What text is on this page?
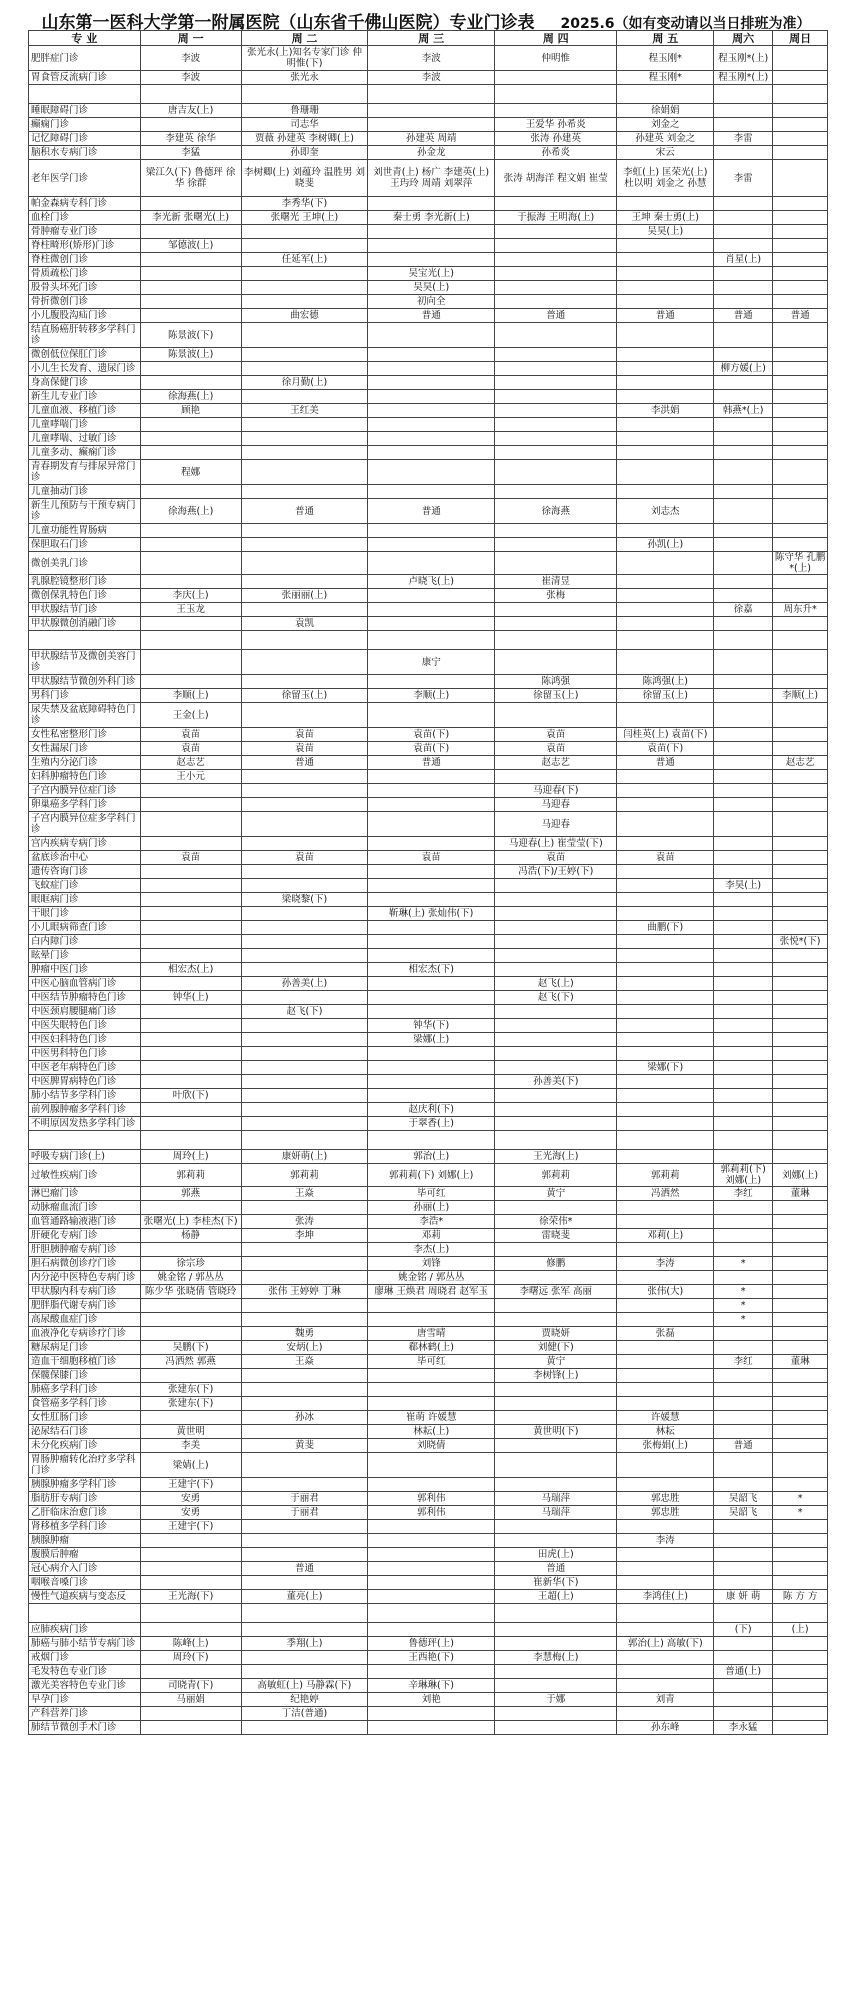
山东第一医科大学第一附属医院（山东省千佛山医院）专业门诊表 2025.6（如有变动请以当日排班为准）
专 业	周 一	周 二	周 三	周 四	周 五	周六	周日
肥胖症门诊	李波	张光永(上)知名专家门诊 仲明惟(下)	李波	仲明惟	程玉刚*	程玉刚*(上)	
胃食管反流病门诊	李波	张光永	李波		程玉刚*	程玉刚*(上)	

睡眠障碍门诊	唐吉友(上)	鲁珊珊			徐娟娟		
癫痫门诊		司志华		王爱华 孙希炎	刘金之		
记忆障碍门诊	李建英 徐华	贾薇 孙建英 李树卿(上)	孙建英 周靖	张涛 孙建英	孙建英 刘金之	李雷	
脑积水专病门诊	李猛	孙即奎	孙金龙	孙希炎	宋云		
老年医学门诊	梁江久(下) 鲁德玶 徐华 徐群	李树卿(上) 刘蕴玲 温胜男 刘晓斐	刘世青(上) 杨广 李建英(上) 王玙玲 周靖 刘翠萍	张涛 胡海洋 程文娟 崔莹	李虹(上) 匡荣光(上) 杜以明 刘金之 孙慧	李雷	
帕金森病专科门诊		李秀华(下)					
血栓门诊	李光新 张曙光(上)	张曙光 王坤(上)	秦士勇 李光新(上)	于振海 王明海(上)	王坤 秦士勇(上)		
骨肿瘤专业门诊					吴昊(上)		
脊柱畸形(矫形)门诊	邹德波(上)						
脊柱微创门诊		任延军(上)				肖星(上)	
骨质疏松门诊			吴宝光(上)				
股骨头坏死门诊			吴昊(上)				
骨折微创门诊			初向全				
小儿腹股沟疝门诊		曲宏德	普通	普通	普通	普通	普通
结直肠癌肝转移多学科门诊	陈景波(下)						
微创低位保肛门诊	陈景波(上)						
小儿生长发育、遗尿门诊						柳方媛(上)	
身高保健门诊		徐月勤(上)					
新生儿专业门诊	徐海燕(上)						
儿童血液、移植门诊	顾艳	王红美			李洪娟	韩燕*(上)	
儿童哮喘门诊							
儿童哮喘、过敏门诊							
儿童多动、癫痫门诊							
青春期发育与排尿异常门诊	程娜						
儿童抽动门诊							
新生儿预防与干预专病门诊	徐海燕(上)	普通	普通	徐海燕	刘志杰		
儿童功能性胃肠病							
保胆取石门诊					孙凯(上)		
微创美乳门诊							陈守华 孔鹏*(上)
乳腺腔镜整形门诊			卢晓飞(上)	崔清昱			
微创保乳特色门诊	李庆(上)	张丽丽(上)		张梅			
甲状腺结节门诊	王玉龙					徐嘉	周东升*
甲状腺微创消融门诊		袁凯					

甲状腺结节及微创美容门诊			康宁				
甲状腺结节微创外科门诊				陈鸿强	陈鸿强(上)		
男科门诊	李顺(上)	徐留玉(上)	李顺(上)	徐留玉(上)	徐留玉(上)		李顺(上)
尿失禁及盆底障碍特色门诊	王金(上)						
女性私密整形门诊	袁苗	袁苗	袁苗(下)	袁苗	闫桂英(上) 袁苗(下)		
女性漏尿门诊	袁苗	袁苗	袁苗(下)	袁苗	袁苗(下)		
生殖内分泌门诊	赵志艺	普通	普通	赵志艺	普通		赵志艺
妇科肿瘤特色门诊	王小元						
子宫内膜异位症门诊				马迎春(下)			
卵巢癌多学科门诊				马迎春			
子宫内膜异位症多学科门诊				马迎春			
宫内疾病专病门诊				马迎春(上) 崔莹莹(下)			
盆底诊治中心	袁苗	袁苗	袁苗	袁苗	袁苗		
遗传咨询门诊				冯浩(下)/王婷(下)			
飞蚊症门诊						李昊(上)	
眼眶病门诊		梁晓黎(下)					
干眼门诊			靳琳(上) 张灿伟(下)				
小儿眼病筛查门诊					曲鹏(下)		
白内障门诊							张悦*(下)
眩晕门诊							
肿瘤中医门诊	相宏杰(上)		相宏杰(下)				
中医心脑血管病门诊		孙善美(上)		赵飞(上)			
中医结节肿瘤特色门诊	钟华(上)			赵飞(下)			
中医颈肩腰腿痛门诊		赵飞(下)					
中医失眠特色门诊			钟华(下)				
中医妇科特色门诊			梁娜(上)				
中医男科特色门诊							
中医老年病特色门诊					梁娜(下)		
中医脾胃病特色门诊				孙善美(下)			
肺小结节多学科门诊	叶欣(下)						
前列腺肿瘤多学科门诊			赵庆利(下)				
不明原因发热多学科门诊			于翠香(上)				

呼吸专病门诊(上)	周玲(上)	康妍萌(上)	郭治(上)	王光海(上)			
过敏性疾病门诊	郭莉莉	郭莉莉	郭莉莉(下) 刘娜(上)	郭莉莉	郭莉莉	郭莉莉(下) 刘娜(上)	刘娜(上)
淋巴瘤门诊	郭燕	王焱	毕可红	黄宁	冯洒然	李红	董琳
动脉瘤血流门诊			孙丽(上)				
血管通路输液港门诊	张曙光(上) 李桂杰(下)	张涛	李浩*	徐荣伟*			
肝硬化专病门诊	杨静	李坤	邓莉	雷晓斐	邓莉(上)		
肝胆胰肿瘤专病门诊			李杰(上)				
胆石病微创诊疗门诊	徐宗珍		刘锋	修鹏	李涛	*	
内分泌中医特色专病门诊	姚金铭 / 郭丛丛		姚金铭 / 郭丛丛				
甲状腺内科专病门诊	陈少华 张晓倩 管晓玲	张伟 王婷婷 丁琳	廖琳 王焕君 周晓君 赵军玉	李曙远 张军 高丽	张伟(大)	*	
肥胖脂代谢专病门诊						*	
高尿酸血症门诊						*	
血液净化专病诊疗门诊		魏勇	唐雪晴	贾晓妍	张磊		
糖尿病足门诊	吴鹏(下)	安炳(上)	郗林鹤(上)	刘健(下)			
造血干细胞移植门诊	冯洒然 郭燕	王焱	毕可红	黄宁		李红	董琳
保髋保膝门诊				李树锋(上)			
肺癌多学科门诊	张建东(下)						
食管癌多学科门诊	张建东(下)						
女性肛肠门诊		孙冰	崔萌 许媛慧		许媛慧		
泌尿结石门诊	黄世明		林耘(上)	黄世明(下)	林耘		
未分化疾病门诊	李美	黄斐	刘晓倩		张梅娟(上)	普通	
胃肠肿瘤转化治疗多学科门诊	梁婧(上)						
胰腺肿瘤多学科门诊	王建宇(下)						
脂肪肝专病门诊	安勇	于丽君	郭利伟	马瑞萍	郭忠胜	吴韶飞	*
乙肝临床治愈门诊	安勇	于丽君	郭利伟	马瑞萍	郭忠胜	吴韶飞	*
肾移植多学科门诊	王建宇(下)						
胰腺肿瘤					李涛		
腹膜后肿瘤				田虎(上)			
冠心病介入门诊		普通		普通			
咽喉音嗓门诊				崔新华(下)			
慢性气道疾病与变态反	王光海(下)	董亮(上)		王超(上)	李鸿佳(上)	康 妍 萌	陈 方 方

应肺疾病门诊						(下)	(上)
肺癌与肺小结节专病门诊	陈峰(上)	季翔(上)	鲁德玶(上)		郭治(上) 高敏(下)		
戒烟门诊	周玲(下)		王西艳(下)	李慧梅(上)			
毛发特色专业门诊						普通(上)	
激光美容特色专业门诊	司晓青(下)	高敏虹(上) 马静霖(下)	辛琳琳(下)				
早孕门诊	马丽娟	纪艳婷	刘艳	于娜	刘青		
产科营养门诊		丁洁(普通)					
肺结节微创手术门诊					孙东峰	李永猛	
